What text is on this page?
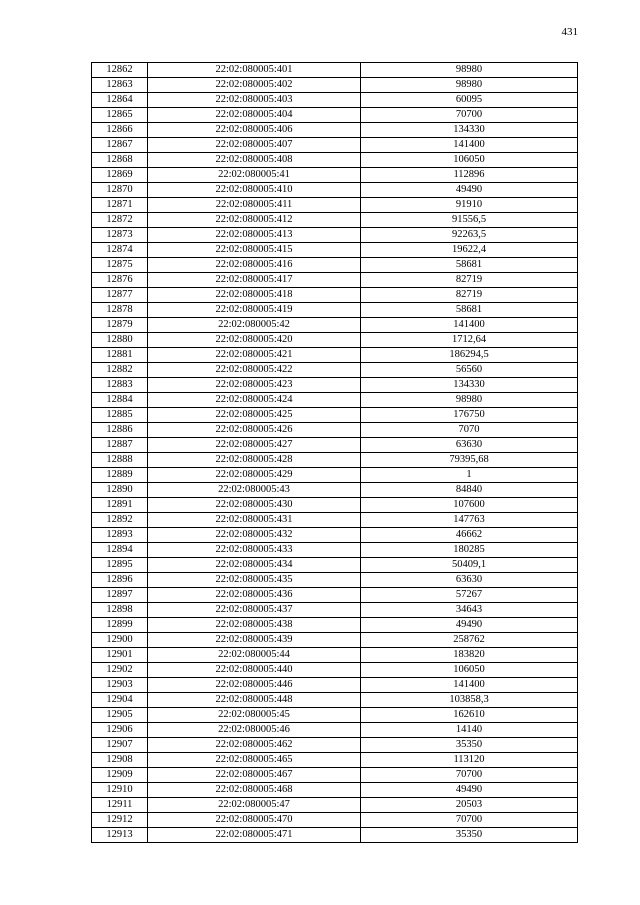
431
12862	22:02:080005:401	98980
12863	22:02:080005:402	98980
12864	22:02:080005:403	60095
12865	22:02:080005:404	70700
12866	22:02:080005:406	134330
12867	22:02:080005:407	141400
12868	22:02:080005:408	106050
12869	22:02:080005:41	112896
12870	22:02:080005:410	49490
12871	22:02:080005:411	91910
12872	22:02:080005:412	91556,5
12873	22:02:080005:413	92263,5
12874	22:02:080005:415	19622,4
12875	22:02:080005:416	58681
12876	22:02:080005:417	82719
12877	22:02:080005:418	82719
12878	22:02:080005:419	58681
12879	22:02:080005:42	141400
12880	22:02:080005:420	1712,64
12881	22:02:080005:421	186294,5
12882	22:02:080005:422	56560
12883	22:02:080005:423	134330
12884	22:02:080005:424	98980
12885	22:02:080005:425	176750
12886	22:02:080005:426	7070
12887	22:02:080005:427	63630
12888	22:02:080005:428	79395,68
12889	22:02:080005:429	1
12890	22:02:080005:43	84840
12891	22:02:080005:430	107600
12892	22:02:080005:431	147763
12893	22:02:080005:432	46662
12894	22:02:080005:433	180285
12895	22:02:080005:434	50409,1
12896	22:02:080005:435	63630
12897	22:02:080005:436	57267
12898	22:02:080005:437	34643
12899	22:02:080005:438	49490
12900	22:02:080005:439	258762
12901	22:02:080005:44	183820
12902	22:02:080005:440	106050
12903	22:02:080005:446	141400
12904	22:02:080005:448	103858,3
12905	22:02:080005:45	162610
12906	22:02:080005:46	14140
12907	22:02:080005:462	35350
12908	22:02:080005:465	113120
12909	22:02:080005:467	70700
12910	22:02:080005:468	49490
12911	22:02:080005:47	20503
12912	22:02:080005:470	70700
12913	22:02:080005:471	35350
